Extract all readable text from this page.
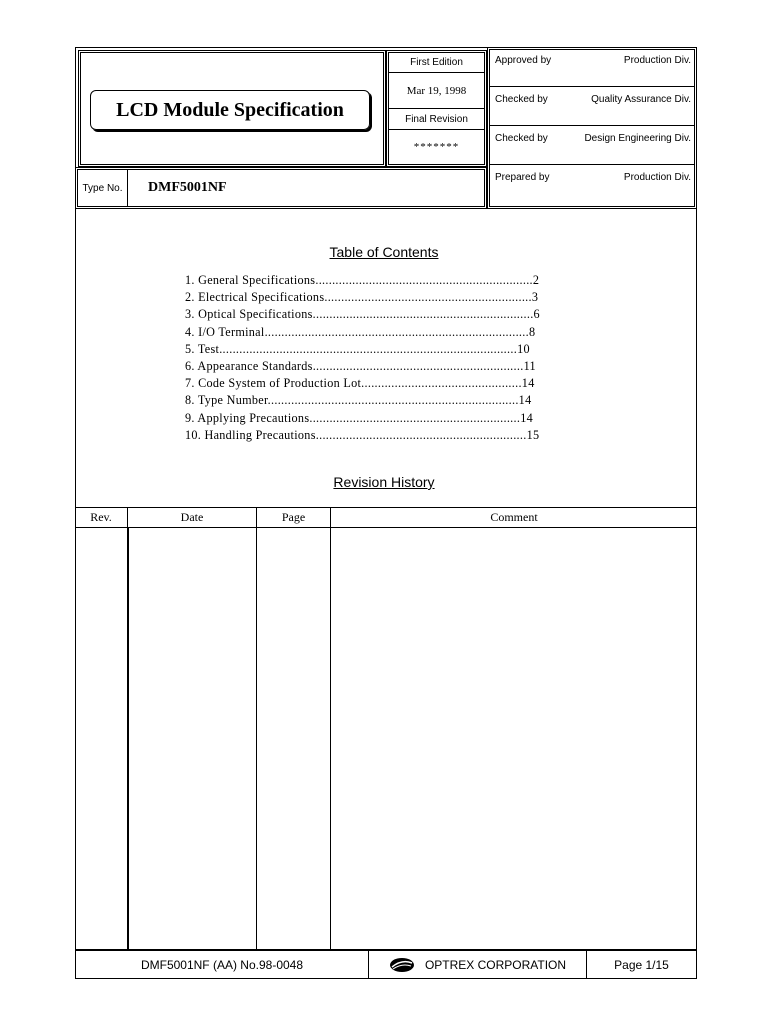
LCD Module Specification
First Edition
Mar 19, 1998
Final Revision
*******
Approved by	Production Div.
Checked by	Quality Assurance Div.
Checked by	Design Engineering Div.
Prepared by	Production Div.
Type No.	DMF5001NF
Table of Contents
1. General Specifications.................................................................2
2. Electrical Specifications..............................................................3
3. Optical Specifications..................................................................6
4. I/O Terminal...............................................................................8
5. Test.........................................................................................10
6. Appearance Standards...............................................................11
7. Code System of Production Lot................................................14
8. Type Number...........................................................................14
9. Applying Precautions...............................................................14
10. Handling Precautions...............................................................15
Revision History
Rev.	Date	Page	Comment
DMF5001NF (AA) No.98-0048	OPTREX CORPORATION	Page 1/15
